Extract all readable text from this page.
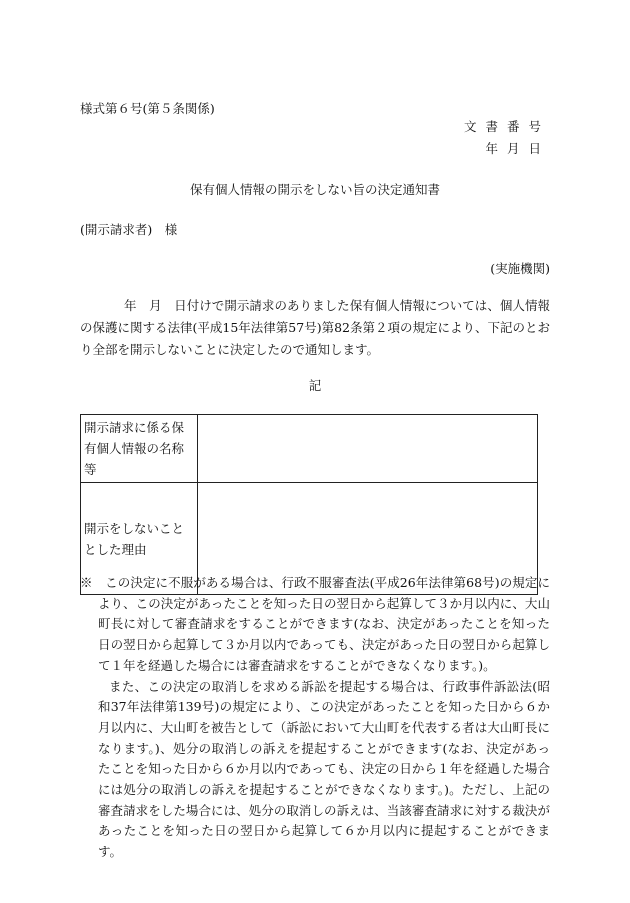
様式第６号(第５条関係)
文書番号
年月日
保有個人情報の開示をしない旨の決定通知書
(開示請求者)　様
(実施機関)
年　月　日付けで開示請求のありました保有個人情報については、個人情報の保護に関する法律(平成15年法律第57号)第82条第２項の規定により、下記のとおり全部を開示しないことに決定したので通知します。
記
開示請求に係る保有個人情報の名称等	
開示をしないこととした理由	

※　この決定に不服がある場合は、行政不服審査法(平成26年法律第68号)の規定により、この決定があったことを知った日の翌日から起算して３か月以内に、大山町長に対して審査請求をすることができます(なお、決定があったことを知った日の翌日から起算して３か月以内であっても、決定があった日の翌日から起算して１年を経過した場合には審査請求をすることができなくなります。)。

また、この決定の取消しを求める訴訟を提起する場合は、行政事件訴訟法(昭和37年法律第139号)の規定により、この決定があったことを知った日から６か月以内に、大山町を被告として（訴訟において大山町を代表する者は大山町長になります。)、処分の取消しの訴えを提起することができます(なお、決定があったことを知った日から６か月以内であっても、決定の日から１年を経過した場合には処分の取消しの訴えを提起することができなくなります。)。ただし、上記の審査請求をした場合には、処分の取消しの訴えは、当該審査請求に対する裁決があったことを知った日の翌日から起算して６か月以内に提起することができます。
